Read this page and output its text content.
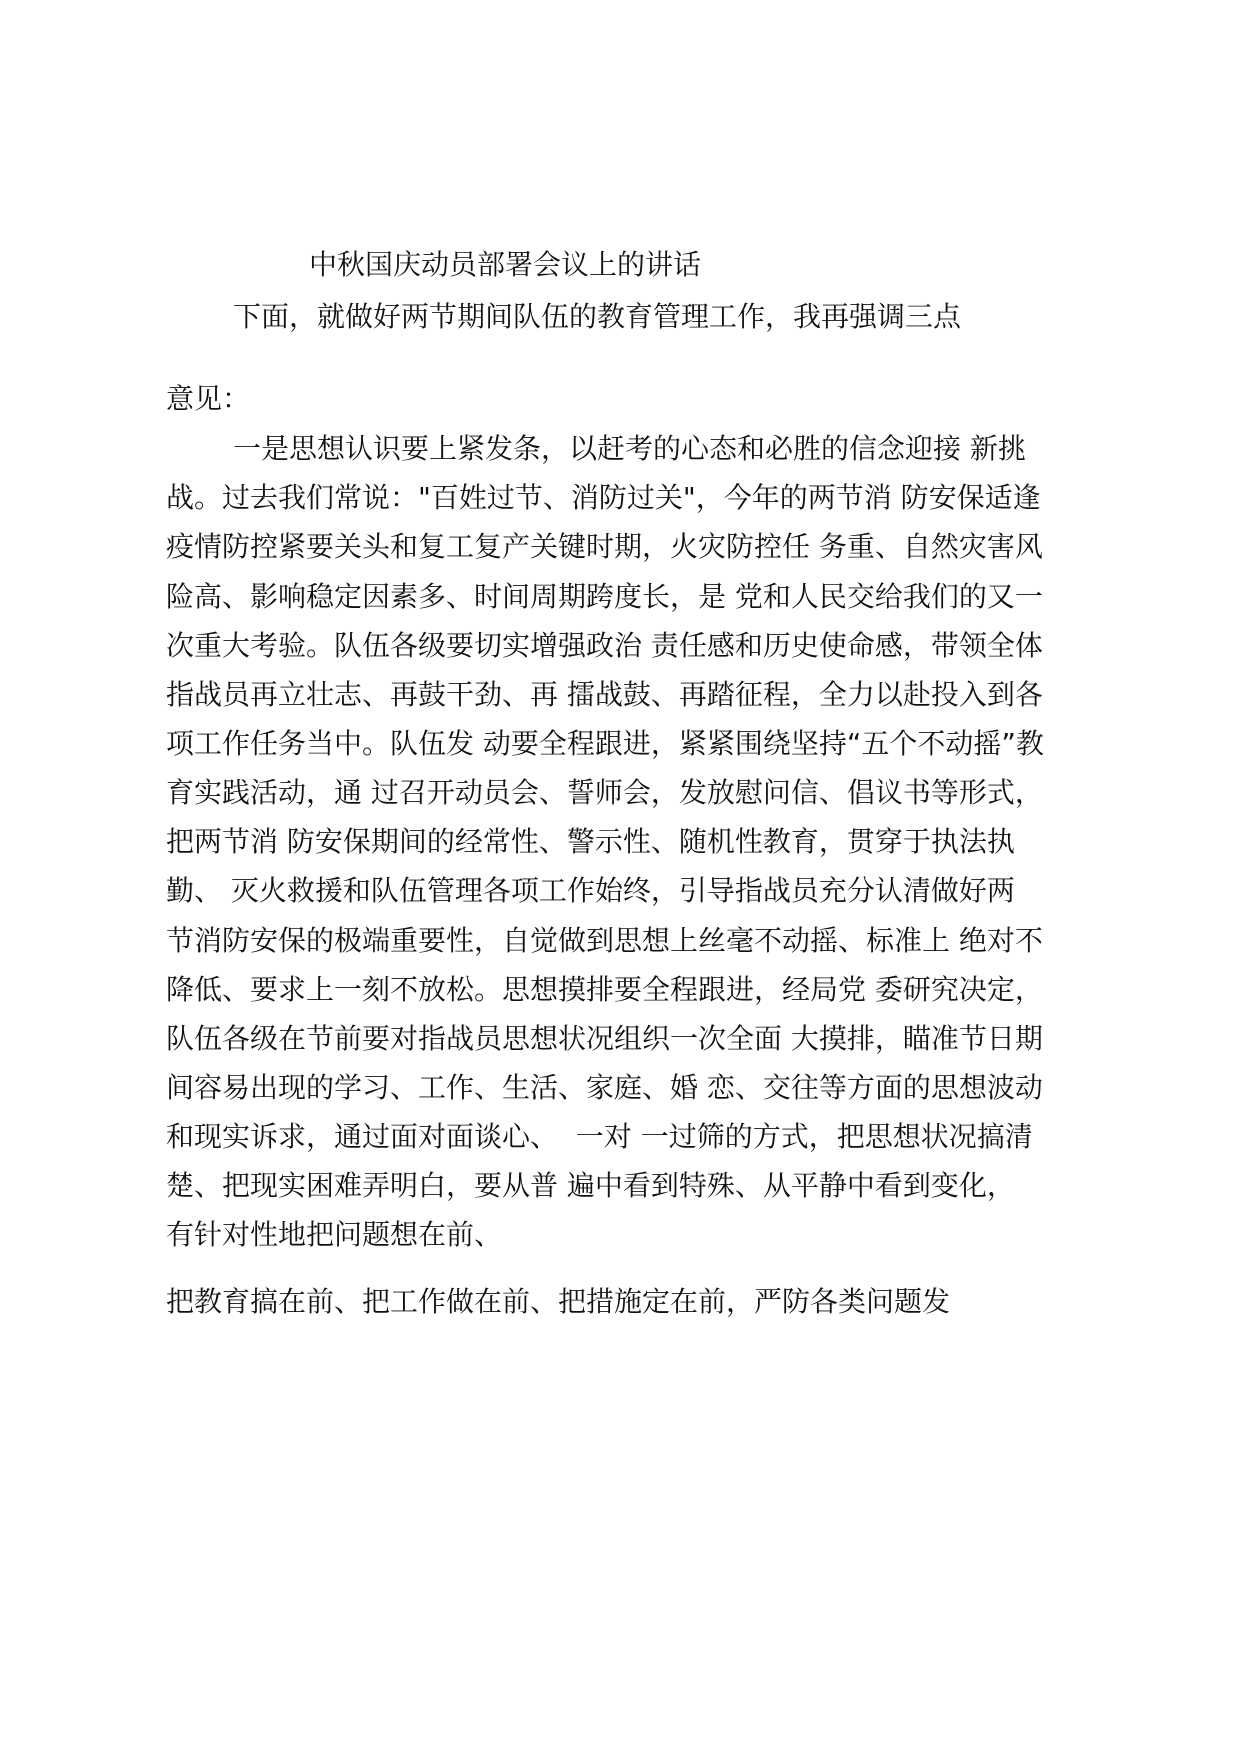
中秋国庆动员部署会议上的讲话

下面，就做好两节期间队伍的教育管理工作，我再强调三点

意见：

一是思想认识要上紧发条，以赶考的心态和必胜的信念迎接 新挑

战。过去我们常说："百姓过节、消防过关"，今年的两节消 防安保适逢

疫情防控紧要关头和复工复产关键时期，火灾防控任 务重、自然灾害风

险高、影响稳定因素多、时间周期跨度长，是 党和人民交给我们的又一

次重大考验。队伍各级要切实增强政治 责任感和历史使命感，带领全体

指战员再立壮志、再鼓干劲、再 擂战鼓、再踏征程，全力以赴投入到各

项工作任务当中。队伍发 动要全程跟进，紧紧围绕坚持“五个不动摇”教

育实践活动，通 过召开动员会、誓师会，发放慰问信、倡议书等形式，

把两节消 防安保期间的经常性、警示性、随机性教育，贯穿于执法执

勤、 灭火救援和队伍管理各项工作始终，引导指战员充分认清做好两

节消防安保的极端重要性，自觉做到思想上丝毫不动摇、标准上 绝对不

降低、要求上一刻不放松。思想摸排要全程跟进，经局党 委研究决定，

队伍各级在节前要对指战员思想状况组织一次全面 大摸排，瞄准节日期

间容易出现的学习、工作、生活、家庭、婚 恋、交往等方面的思想波动

和现实诉求，通过面对面谈心、  一对 一过筛的方式，把思想状况搞清

楚、把现实困难弄明白，要从普 遍中看到特殊、从平静中看到变化，

有针对性地把问题想在前、

把教育搞在前、把工作做在前、把措施定在前，严防各类问题发
